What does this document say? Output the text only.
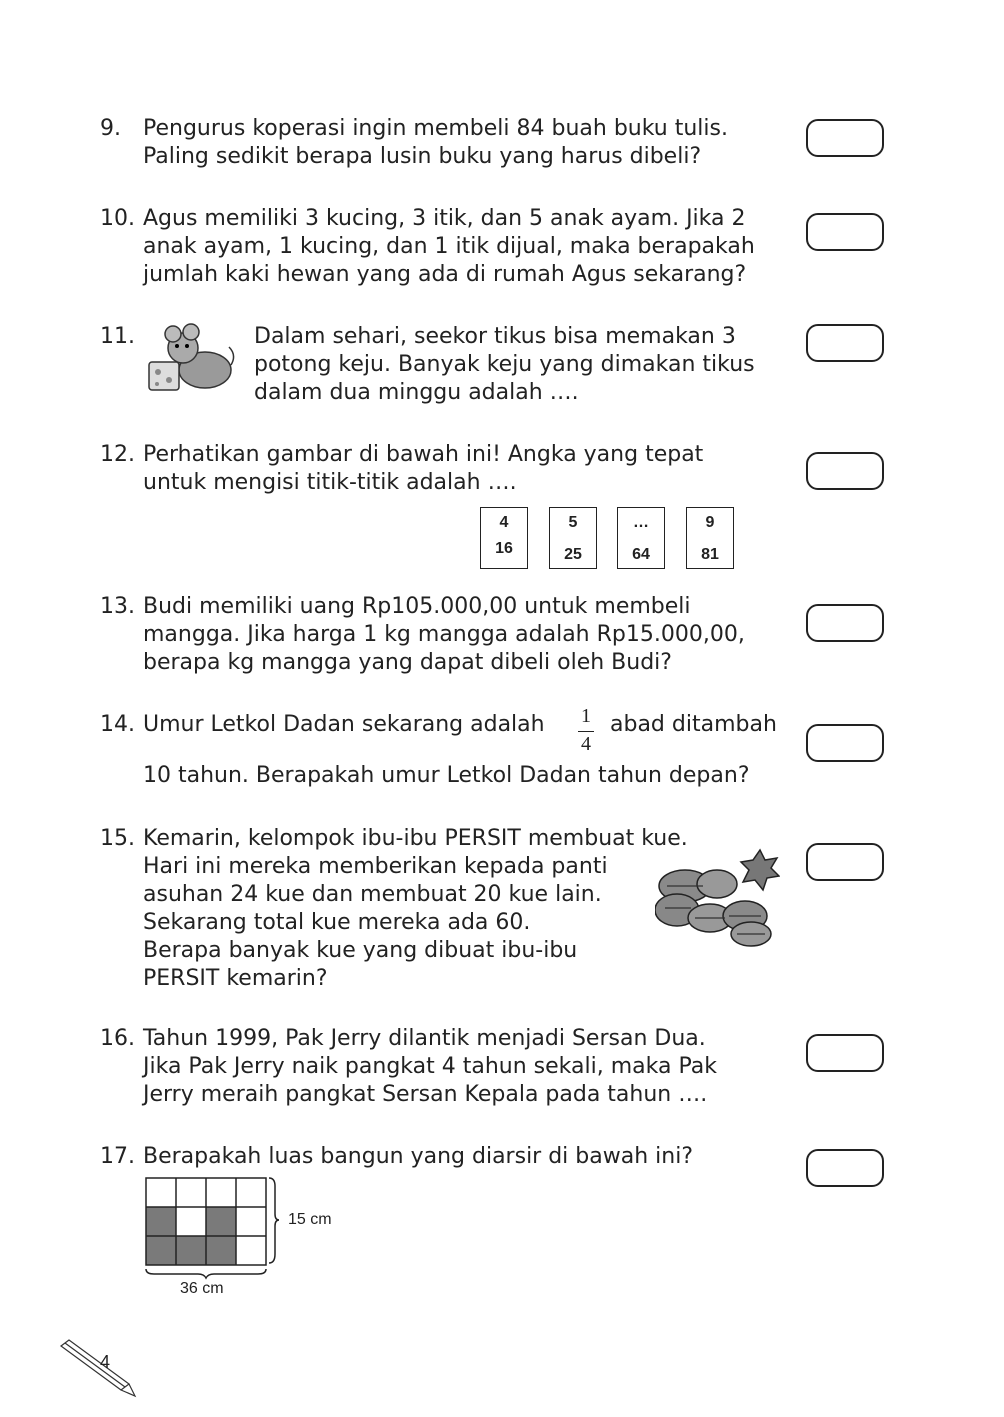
9. Pengurus koperasi ingin membeli 84 buah buku tulis.
Paling sedikit berapa lusin buku yang harus dibeli?
10. Agus memiliki 3 kucing, 3 itik, dan 5 anak ayam. Jika 2
anak ayam, 1 kucing, dan 1 itik dijual, maka berapakah
jumlah kaki hewan yang ada di rumah Agus sekarang?
11.	Dalam sehari, seekor tikus bisa memakan 3
potong keju. Banyak keju yang dimakan tikus
dalam dua minggu adalah ….
12. Perhatikan gambar di bawah ini! Angka yang tepat
untuk mengisi titik-titik adalah ….
4
16
5
25
…
64
9
81
13. Budi memiliki uang Rp105.000,00 untuk membeli
mangga. Jika harga 1 kg mangga adalah Rp15.000,00,
berapa kg mangga yang dapat dibeli oleh Budi?
14. Umur Letkol Dadan sekarang adalah 1
4
abad ditambah
10 tahun. Berapakah umur Letkol Dadan tahun depan?
15. Kemarin, kelompok ibu-ibu PERSIT membuat kue.
Hari ini mereka memberikan kepada panti
asuhan 24 kue dan membuat 20 kue lain.
Sekarang total kue mereka ada 60.
Berapa banyak kue yang dibuat ibu-ibu
PERSIT kemarin?
16. Tahun 1999, Pak Jerry dilantik menjadi Sersan Dua.
Jika Pak Jerry naik pangkat 4 tahun sekali, maka Pak
Jerry meraih pangkat Sersan Kepala pada tahun ….
17. Berapakah luas bangun yang diarsir di bawah ini?
15 cm
36 cm
4
